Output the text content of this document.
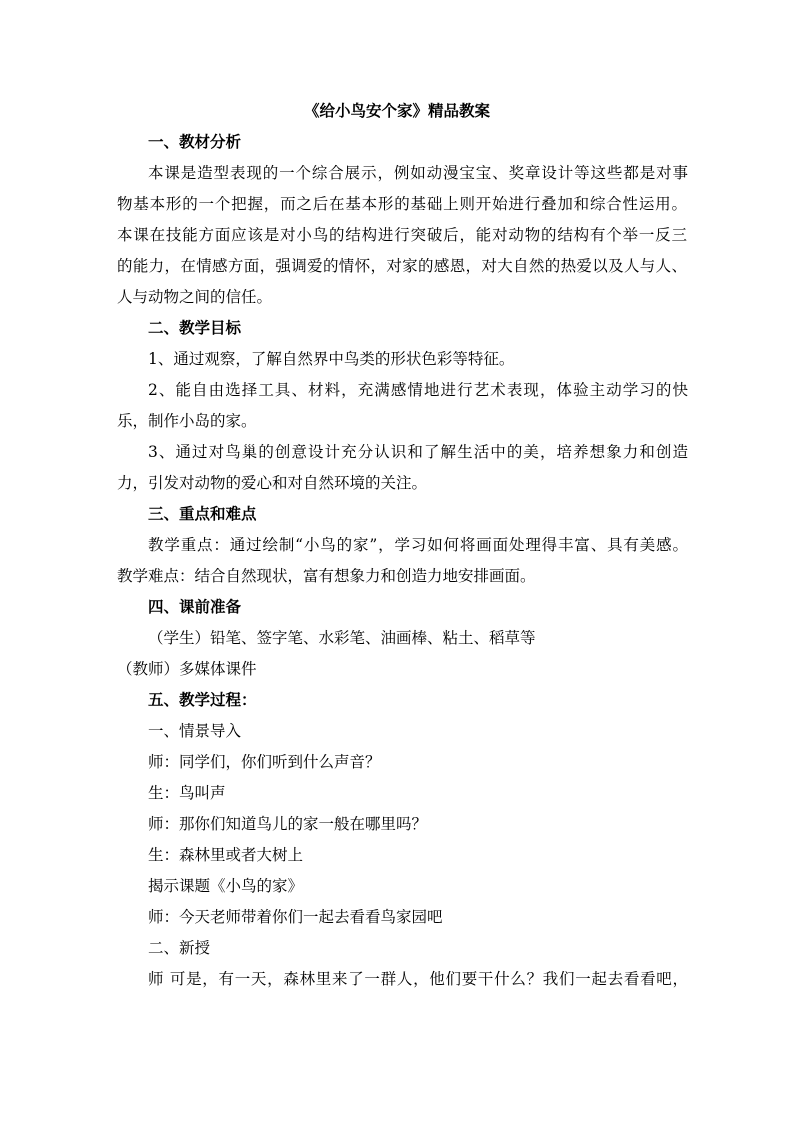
《给小鸟安个家》精品教案
一、教材分析
本课是造型表现的一个综合展示，例如动漫宝宝、奖章设计等这些都是对事
物基本形的一个把握，而之后在基本形的基础上则开始进行叠加和综合性运用。
本课在技能方面应该是对小鸟的结构进行突破后，能对动物的结构有个举一反三
的能力，在情感方面，强调爱的情怀，对家的感恩，对大自然的热爱以及人与人、
人与动物之间的信任。
二、教学目标
1、通过观察，了解自然界中鸟类的形状色彩等特征。
2、能自由选择工具、材料，充满感情地进行艺术表现，体验主动学习的快
乐，制作小岛的家。
3、通过对鸟巢的创意设计充分认识和了解生活中的美，培养想象力和创造
力，引发对动物的爱心和对自然环境的关注。
三、重点和难点
教学重点：通过绘制“小鸟的家”，学习如何将画面处理得丰富、具有美感。
教学难点：结合自然现状，富有想象力和创造力地安排画面。
四、课前准备
（学生）铅笔、签字笔、水彩笔、油画棒、粘土、稻草等
（教师）多媒体课件
五、教学过程：
一、情景导入
师：同学们，你们听到什么声音？
生：鸟叫声
师：那你们知道鸟儿的家一般在哪里吗？
生：森林里或者大树上
揭示课题《小鸟的家》
师：今天老师带着你们一起去看看鸟家园吧
二、新授
师 可是，有一天，森林里来了一群人，他们要干什么？我们一起去看看吧，
